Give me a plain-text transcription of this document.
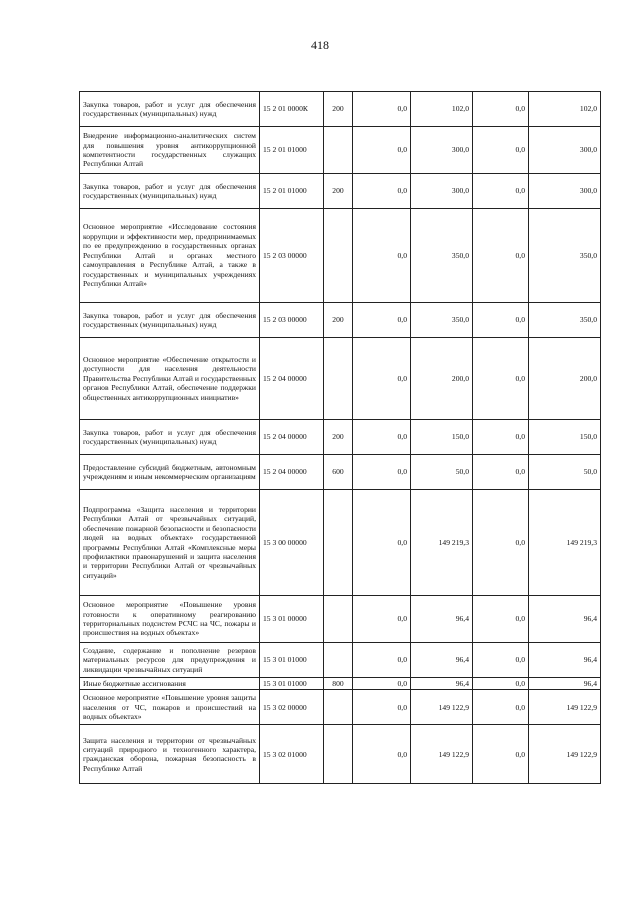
418
Закупка товаров, работ и услуг для обеспечения государственных (муниципальных) нужд	15 2 01 0000К	200	0,0	102,0	0,0	102,0
Внедрение информационно-аналитических систем для повышения уровня антикоррупционной компетентности государственных служащих Республики Алтай	15 2 01 01000		0,0	300,0	0,0	300,0
Закупка товаров, работ и услуг для обеспечения государственных (муниципальных) нужд	15 2 01 01000	200	0,0	300,0	0,0	300,0
Основное мероприятие «Исследование состояния коррупции и эффективности мер, предпринимаемых по ее предупреждению в государственных органах Республики Алтай и органах местного самоуправления в Республике Алтай, а также в государственных и муниципальных учреждениях Республики Алтай»	15 2 03 00000		0,0	350,0	0,0	350,0
Закупка товаров, работ и услуг для обеспечения государственных (муниципальных) нужд	15 2 03 00000	200	0,0	350,0	0,0	350,0
Основное мероприятие «Обеспечение открытости и доступности для населения деятельности Правительства Республики Алтай и государственных органов Республики Алтай, обеспечение поддержки общественных антикоррупционных инициатив»	15 2 04 00000		0,0	200,0	0,0	200,0
Закупка товаров, работ и услуг для обеспечения государственных (муниципальных) нужд	15 2 04 00000	200	0,0	150,0	0,0	150,0
Предоставление субсидий бюджетным, автономным учреждениям и иным некоммерческим организациям	15 2 04 00000	600	0,0	50,0	0,0	50,0
Подпрограмма «Защита населения и территории Республики Алтай от чрезвычайных ситуаций, обеспечение пожарной безопасности и безопасности людей на водных объектах» государственной программы Республики Алтай «Комплексные меры профилактики правонарушений и защита населения и территории Республики Алтай от чрезвычайных ситуаций»	15 3 00 00000		0,0	149 219,3	0,0	149 219,3
Основное мероприятие «Повышение уровня готовности к оперативному реагированию территориальных подсистем РСЧС на ЧС, пожары и происшествия на водных объектах»	15 3 01 00000		0,0	96,4	0,0	96,4
Создание, содержание и пополнение резервов материальных ресурсов для предупреждения и ликвидации чрезвычайных ситуаций	15 3 01 01000		0,0	96,4	0,0	96,4
Иные бюджетные ассигнования	15 3 01 01000	800	0,0	96,4	0,0	96,4
Основное мероприятие «Повышение уровня защиты населения от ЧС, пожаров и происшествий на водных объектах»	15 3 02 00000		0,0	149 122,9	0,0	149 122,9
Защита населения и территории от чрезвычайных ситуаций природного и техногенного характера, гражданская оборона, пожарная безопасность в Республике Алтай	15 3 02 01000		0,0	149 122,9	0,0	149 122,9
